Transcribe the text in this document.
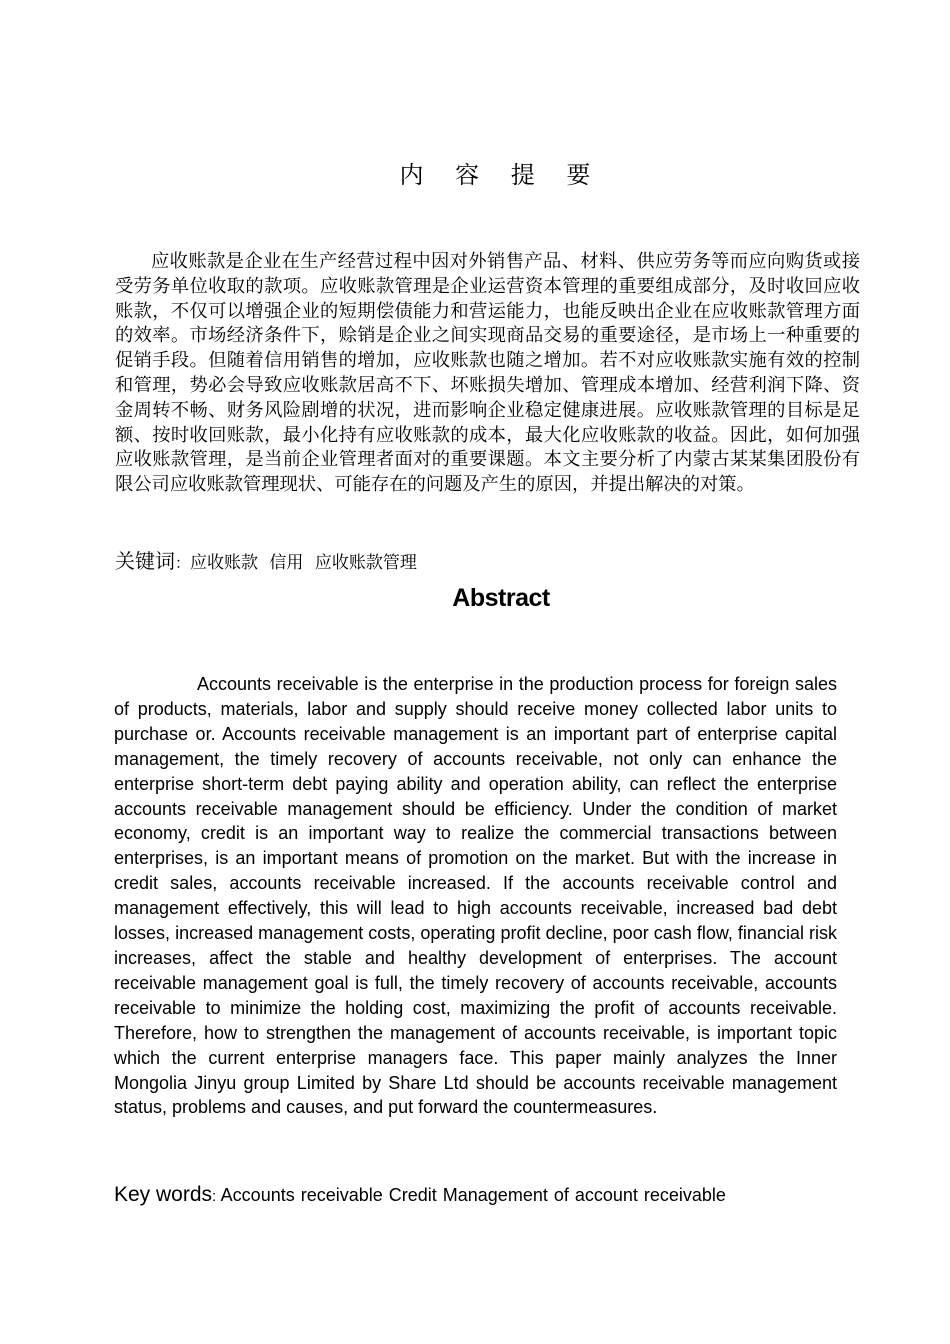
内 容 提 要

应收账款是企业在生产经营过程中因对外销售产品、材料、供应劳务等而应向购货或接受劳务单位收取的款项。应收账款管理是企业运营资本管理的重要组成部分，及时收回应收账款，不仅可以增强企业的短期偿债能力和营运能力，也能反映出企业在应收账款管理方面的效率。市场经济条件下，赊销是企业之间实现商品交易的重要途径，是市场上一种重要的促销手段。但随着信用销售的增加，应收账款也随之增加。若不对应收账款实施有效的控制和管理，势必会导致应收账款居高不下、坏账损失增加、管理成本增加、经营利润下降、资金周转不畅、财务风险剧增的状况，进而影响企业稳定健康进展。应收账款管理的目标是足额、按时收回账款，最小化持有应收账款的成本，最大化应收账款的收益。因此，如何加强应收账款管理，是当前企业管理者面对的重要课题。本文主要分析了内蒙古某某集团股份有限公司应收账款管理现状、可能存在的问题及产生的原因，并提出解决的对策。

关键词：应收账款 信用 应收账款管理
Abstract

Accounts receivable is the enterprise in the production process for foreign sales of products, materials, labor and supply should receive money collected labor units to purchase or. Accounts receivable management is an important part of enterprise capital management, the timely recovery of accounts receivable, not only can enhance the enterprise short-term debt paying ability and operation ability, can reflect the enterprise accounts receivable management should be efficiency. Under the condition of market economy, credit is an important way to realize the commercial transactions between enterprises, is an important means of promotion on the market. But with the increase in credit sales, accounts receivable increased. If the accounts receivable control and management effectively, this will lead to high accounts receivable, increased bad debt losses, increased management costs, operating profit decline, poor cash flow, financial risk increases, affect the stable and healthy development of enterprises. The account receivable management goal is full, the timely recovery of accounts receivable, accounts receivable to minimize the holding cost, maximizing the profit of accounts receivable. Therefore, how to strengthen the management of accounts receivable, is important topic which the current enterprise managers face. This paper mainly analyzes the Inner Mongolia Jinyu group Limited by Share Ltd should be accounts receivable management status, problems and causes, and put forward the countermeasures.

Key words: Accounts receivable Credit Management of account receivable
